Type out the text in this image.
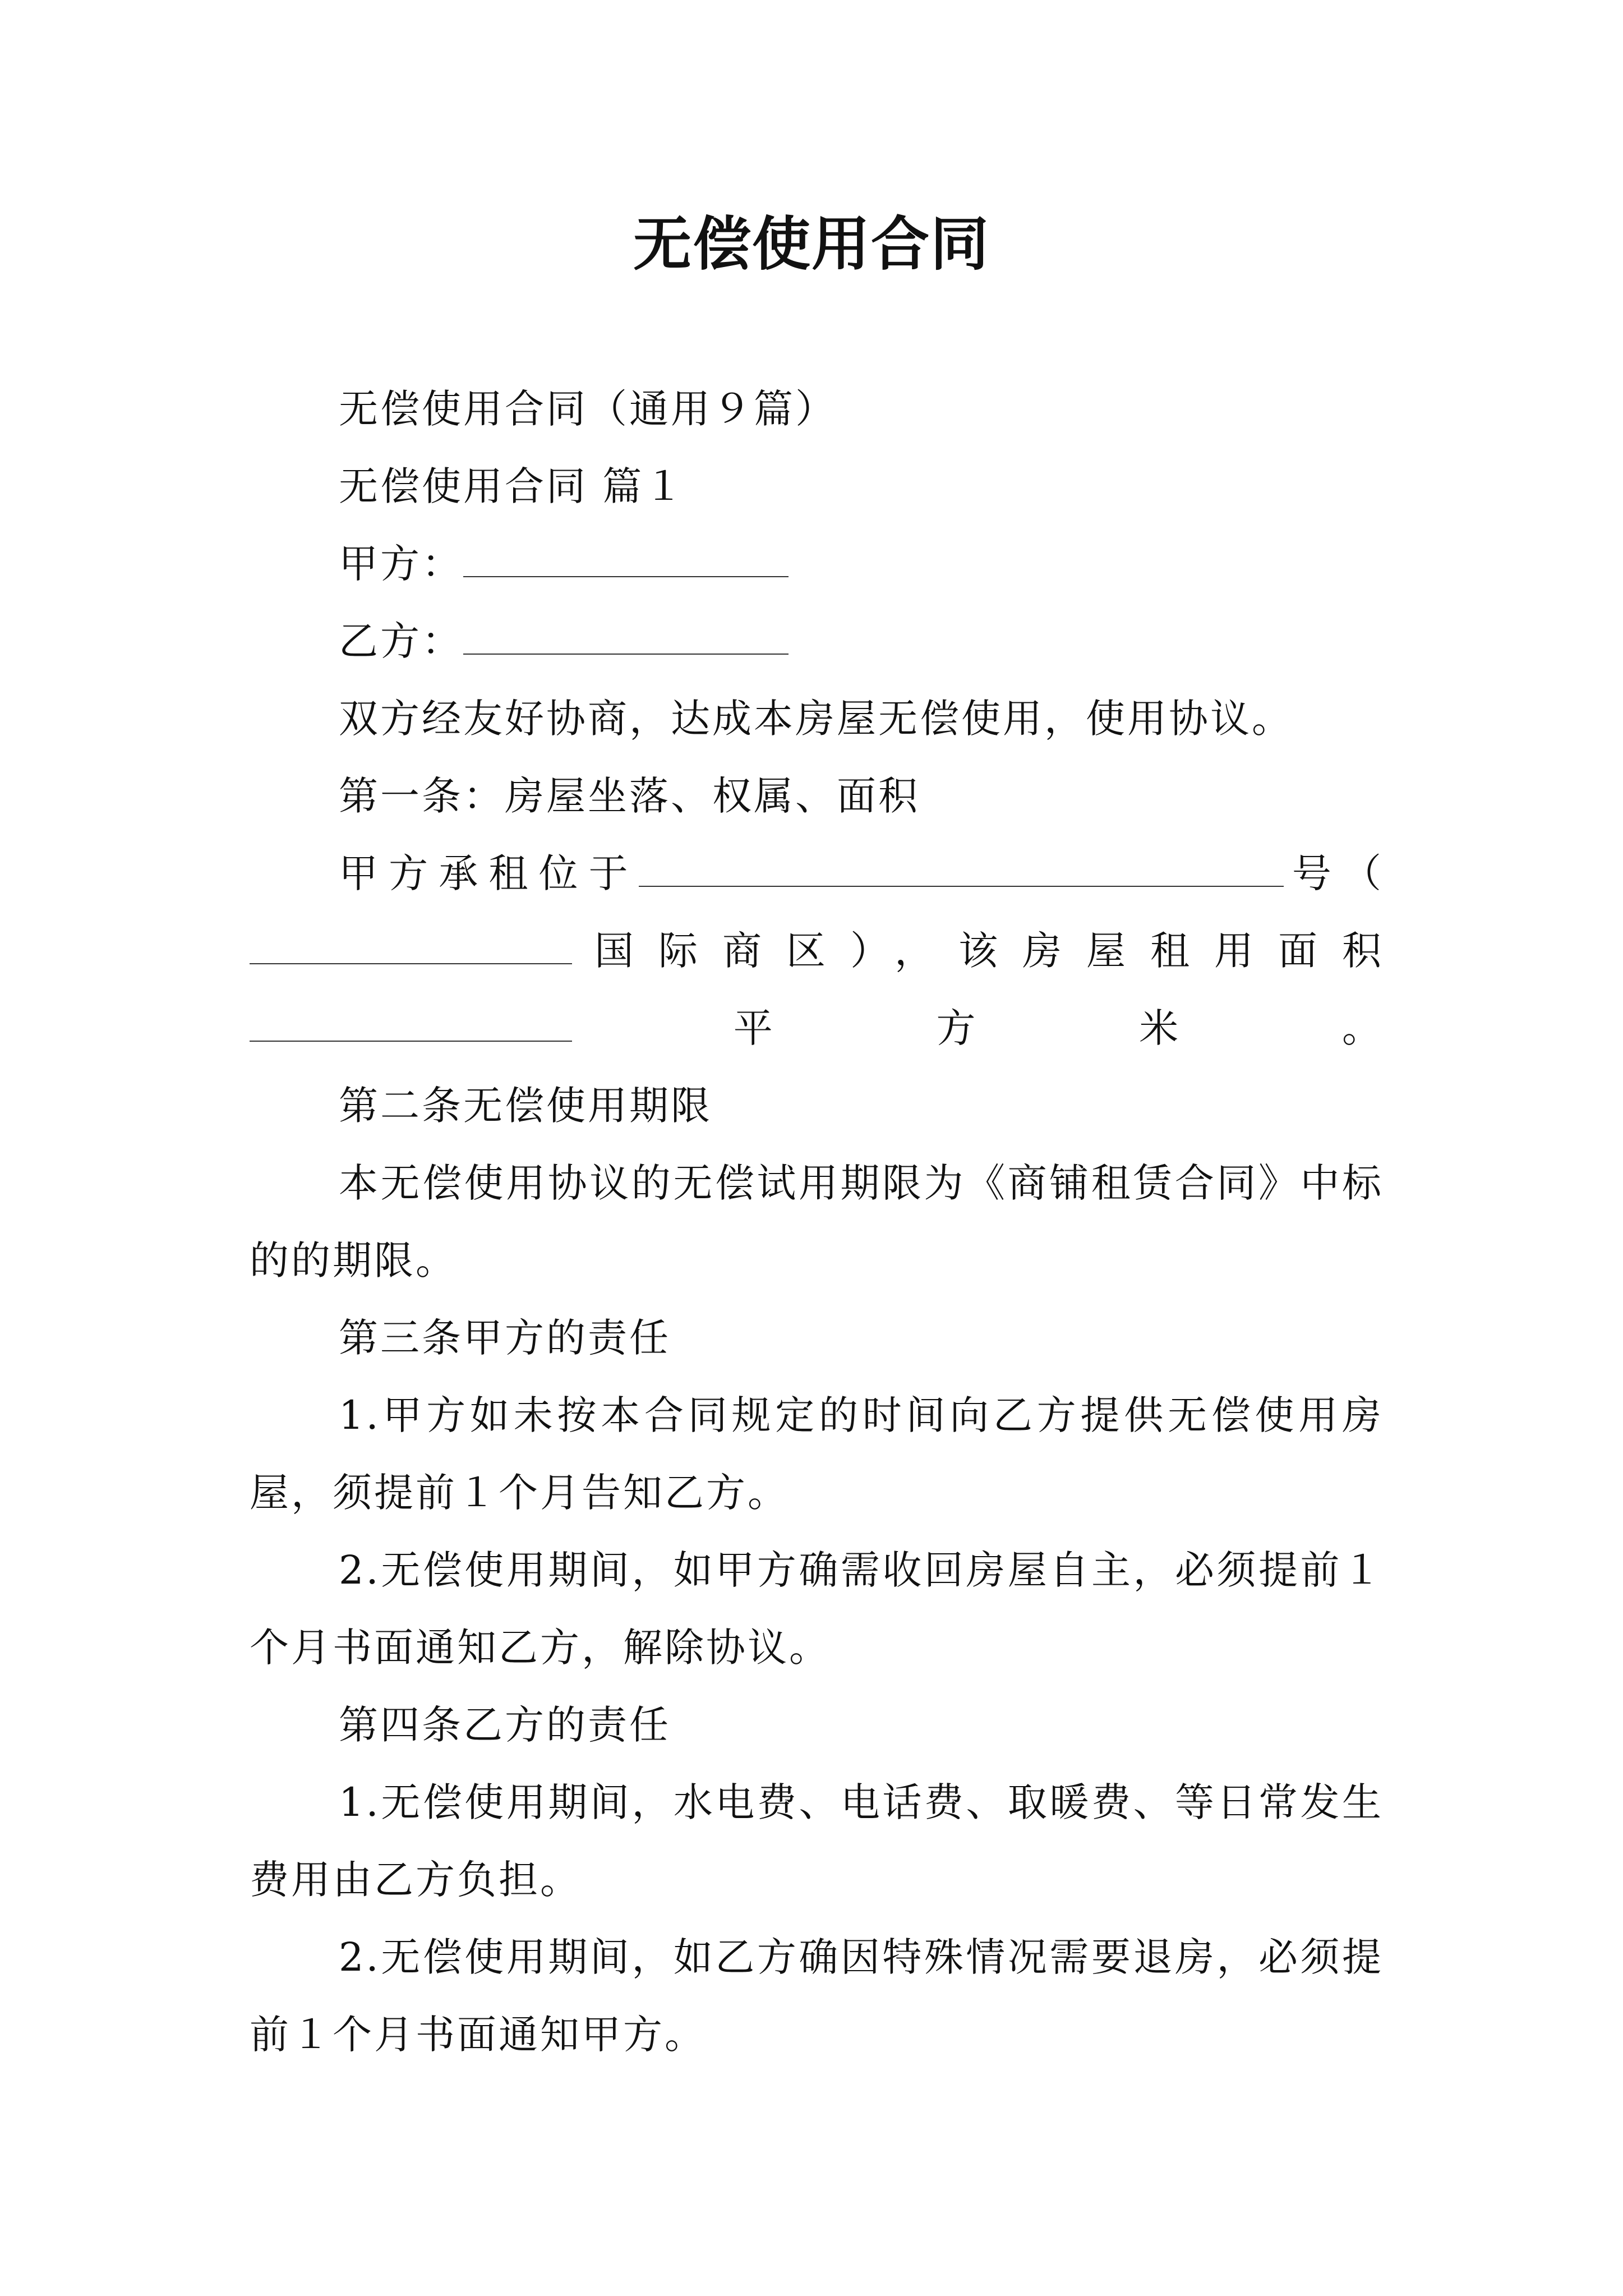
无偿使用合同

无偿使用合同（通用９篇）

无偿使用合同 篇１

甲方：

乙方：

双方经友好协商，达成本房屋无偿使用，使用协议。

第一条：房屋坐落、权属、面积

甲方承租位于	号（国际商区），该房屋租用面积平方米。

第二条无偿使用期限

本无偿使用协议的无偿试用期限为《商铺租赁合同》中标的的期限。

第三条甲方的责任

1.甲方如未按本合同规定的时间向乙方提供无偿使用房屋，须提前１个月告知乙方。

2.无偿使用期间，如甲方确需收回房屋自主，必须提前１个月书面通知乙方，解除协议。

第四条乙方的责任

1.无偿使用期间，水电费、电话费、取暖费、等日常发生费用由乙方负担。

2.无偿使用期间，如乙方确因特殊情况需要退房，必须提前１个月书面通知甲方。
